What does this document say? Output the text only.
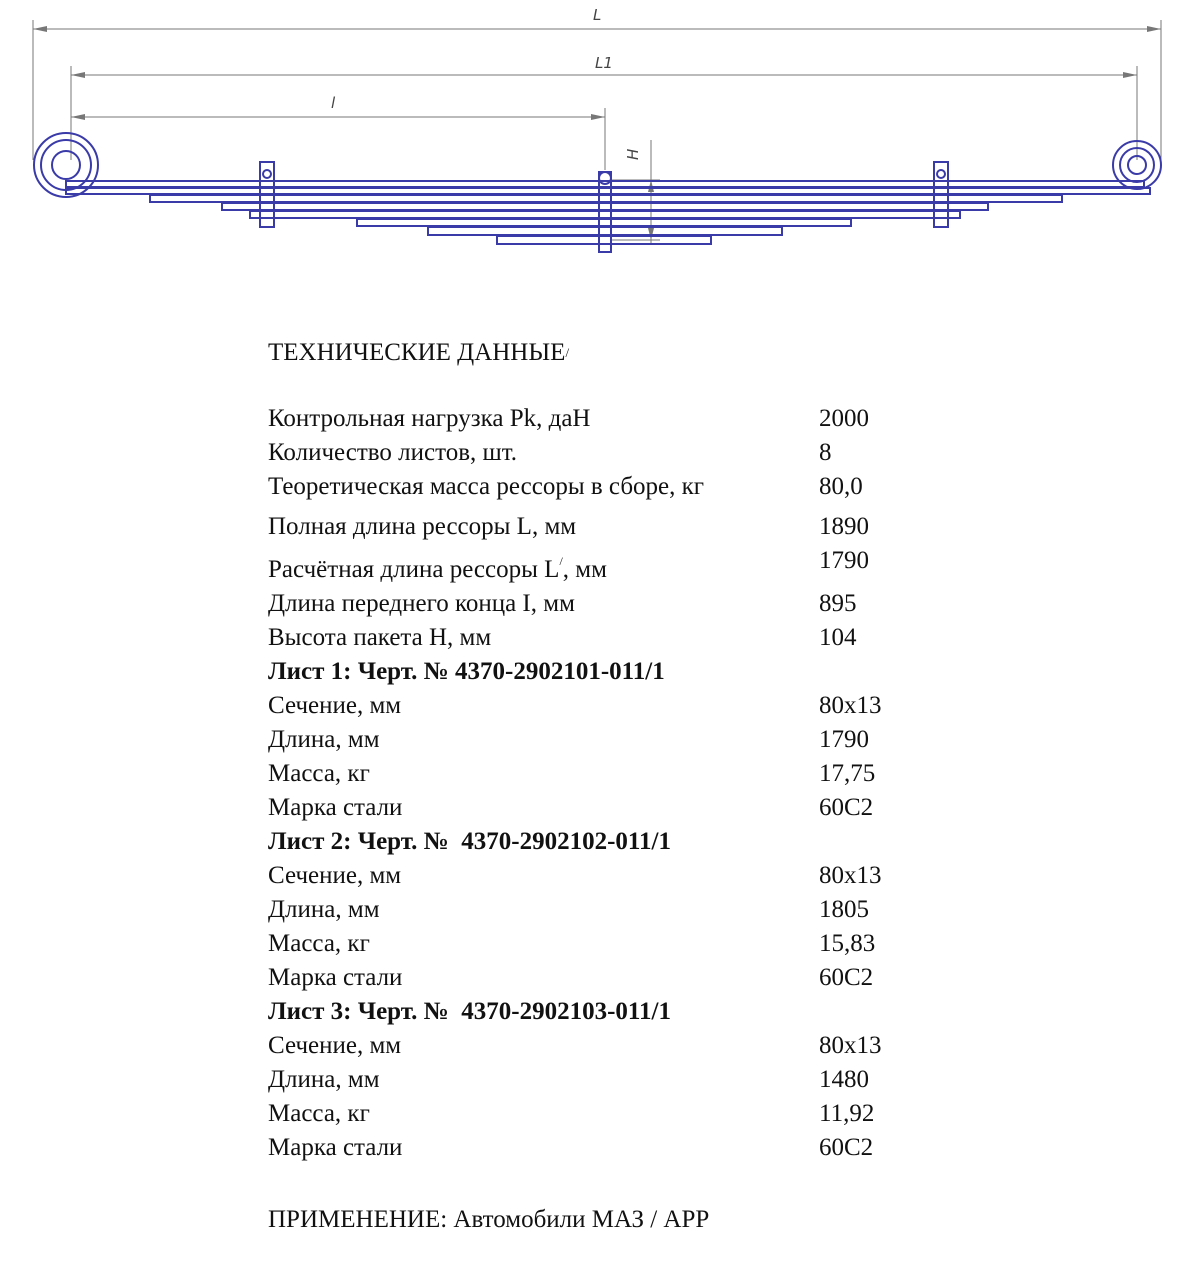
L
L1
l
H
ТЕХНИЧЕСКИЕ ДАННЫЕ/
Контрольная нагрузка Pk, даН	2000
Количество листов, шт.	8
Теоретическая масса рессоры в сборе, кг	80,0
Полная длина рессоры L, мм	1890
Расчётная длина рессоры L/, мм	1790
Длина переднего конца I, мм	895
Высота пакета H, мм	104
Лист 1: Черт. № 4370-2902101-011/1
Сечение, мм	80x13
Длина, мм	1790
Масса, кг	17,75
Марка стали	60С2
Лист 2: Черт. №  4370-2902102-011/1
Сечение, мм	80x13
Длина, мм	1805
Масса, кг	15,83
Марка стали	60С2
Лист 3: Черт. №  4370-2902103-011/1
Сечение, мм	80x13
Длина, мм	1480
Масса, кг	11,92
Марка стали	60С2
ПРИМЕНЕНИЕ: Автомобили МАЗ / АРР
